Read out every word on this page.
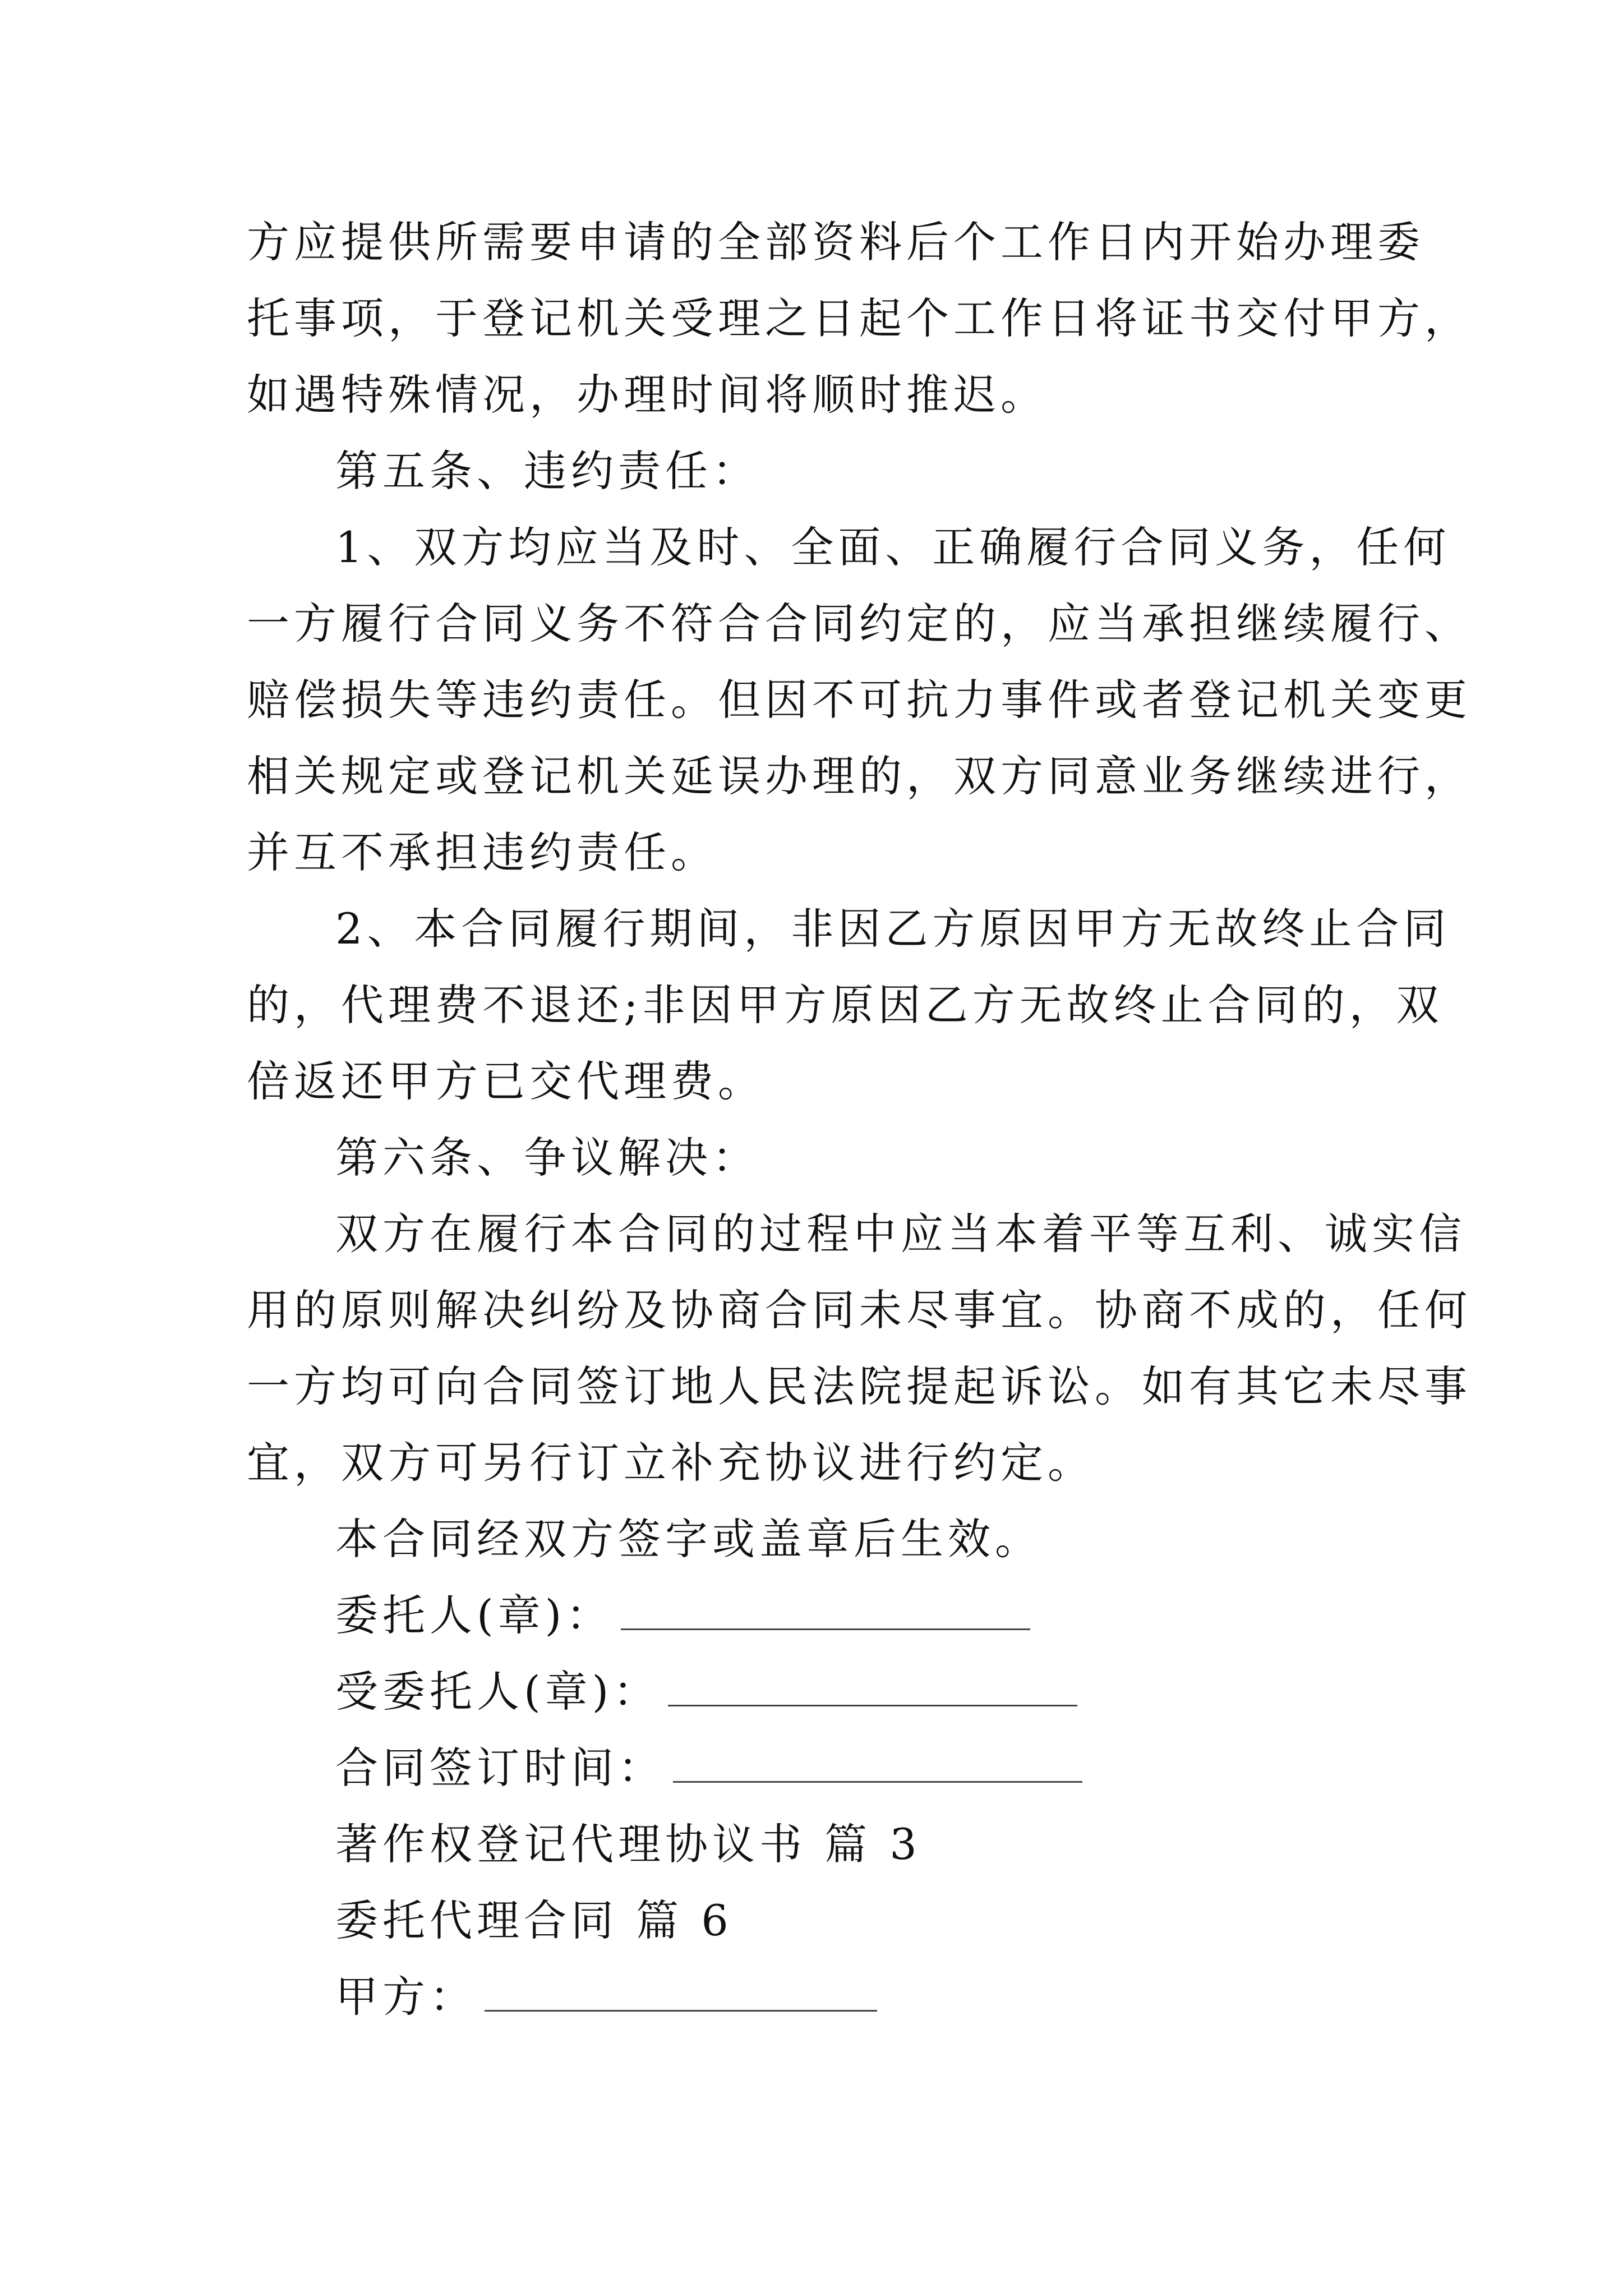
方应提供所需要申请的全部资料后个工作日内开始办理委
托事项，于登记机关受理之日起个工作日将证书交付甲方，
如遇特殊情况，办理时间将顺时推迟。
第五条、违约责任：
1、双方均应当及时、全面、正确履行合同义务，任何
一方履行合同义务不符合合同约定的，应当承担继续履行、
赔偿损失等违约责任。但因不可抗力事件或者登记机关变更
相关规定或登记机关延误办理的，双方同意业务继续进行，
并互不承担违约责任。
2、本合同履行期间，非因乙方原因甲方无故终止合同
的，代理费不退还;非因甲方原因乙方无故终止合同的，双
倍返还甲方已交代理费。
第六条、争议解决：
双方在履行本合同的过程中应当本着平等互利、诚实信
用的原则解决纠纷及协商合同未尽事宜。协商不成的，任何
一方均可向合同签订地人民法院提起诉讼。如有其它未尽事
宜，双方可另行订立补充协议进行约定。
本合同经双方签字或盖章后生效。
委托人(章)：
受委托人(章)：
合同签订时间：
著作权登记代理协议书 篇 3
委托代理合同 篇 6
甲方：
